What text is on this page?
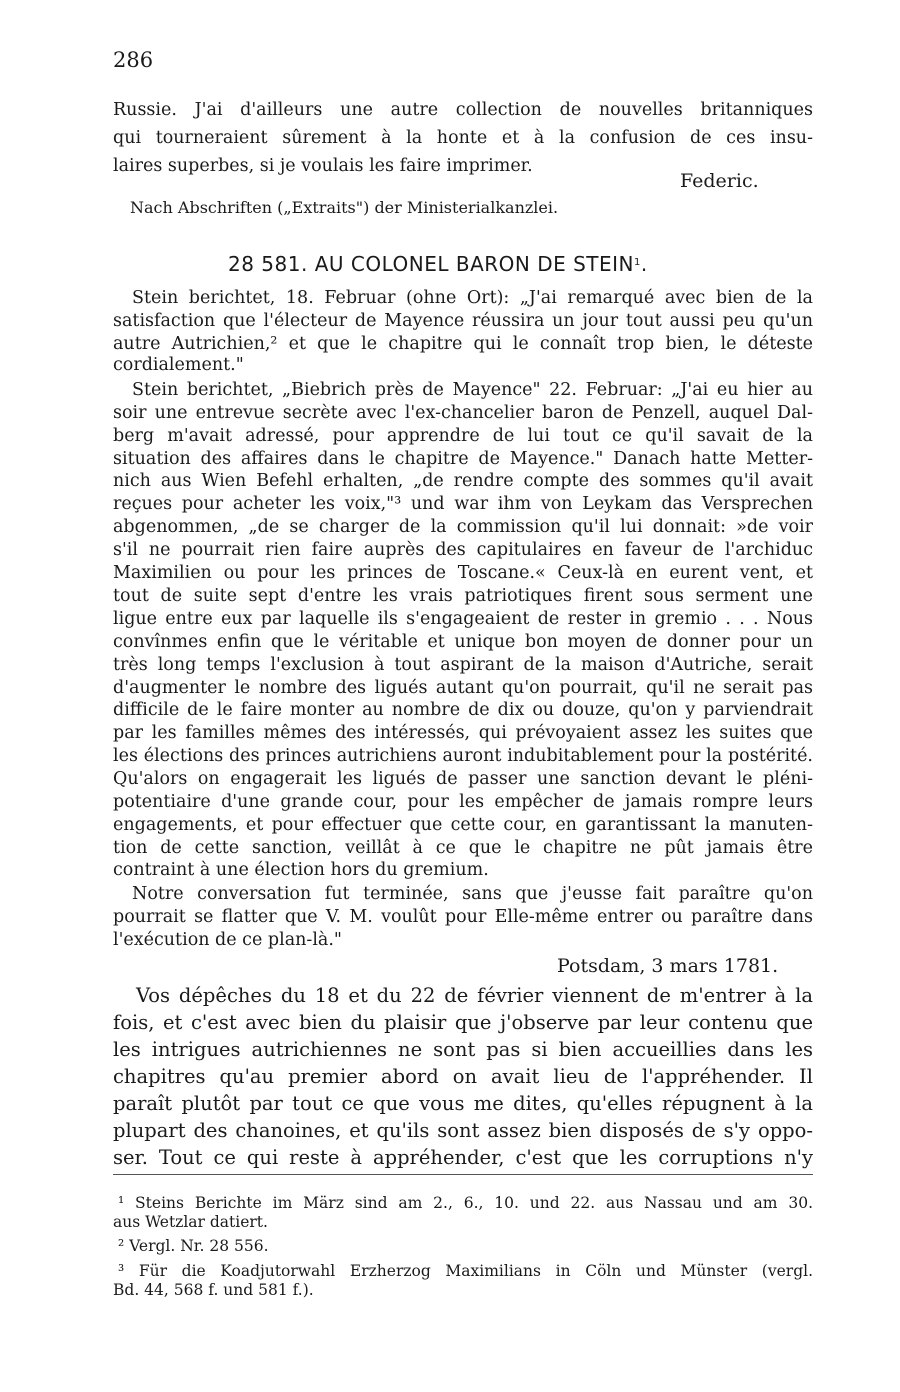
286
Russie. J'ai d'ailleurs une autre collection de nouvelles britanniques
qui tourneraient sûrement à la honte et à la confusion de ces insu-
laires superbes, si je voulais les faire imprimer.
Federic.
Nach Abschriften („Extraits") der Ministerialkanzlei.
28 581. AU COLONEL BARON DE STEIN$^1$.
Stein berichtet, 18. Februar (ohne Ort): „J'ai remarqué avec bien de la
satisfaction que l'électeur de Mayence réussira un jour tout aussi peu qu'un
autre Autrichien,² et que le chapitre qui le connaît trop bien, le déteste
cordialement."
Stein berichtet, „Biebrich près de Mayence" 22. Februar: „J'ai eu hier au
soir une entrevue secrète avec l'ex-chancelier baron de Penzell, auquel Dal-
berg m'avait adressé, pour apprendre de lui tout ce qu'il savait de la
situation des affaires dans le chapitre de Mayence." Danach hatte Metter-
nich aus Wien Befehl erhalten, „de rendre compte des sommes qu'il avait
reçues pour acheter les voix,"³ und war ihm von Leykam das Versprechen
abgenommen, „de se charger de la commission qu'il lui donnait: »de voir
s'il ne pourrait rien faire auprès des capitulaires en faveur de l'archiduc
Maximilien ou pour les princes de Toscane.« Ceux-là en eurent vent, et
tout de suite sept d'entre les vrais patriotiques firent sous serment une
ligue entre eux par laquelle ils s'engageaient de rester in gremio . . . Nous
convînmes enfin que le véritable et unique bon moyen de donner pour un
très long temps l'exclusion à tout aspirant de la maison d'Autriche, serait
d'augmenter le nombre des ligués autant qu'on pourrait, qu'il ne serait pas
difficile de le faire monter au nombre de dix ou douze, qu'on y parviendrait
par les familles mêmes des intéressés, qui prévoyaient assez les suites que
les élections des princes autrichiens auront indubitablement pour la postérité.
Qu'alors on engagerait les ligués de passer une sanction devant le pléni-
potentiaire d'une grande cour, pour les empêcher de jamais rompre leurs
engagements, et pour effectuer que cette cour, en garantissant la manuten-
tion de cette sanction, veillât à ce que le chapitre ne pût jamais être
contraint à une élection hors du gremium.
Notre conversation fut terminée, sans que j'eusse fait paraître qu'on
pourrait se flatter que V. M. voulût pour Elle-même entrer ou paraître dans
l'exécution de ce plan-là."
Potsdam, 3 mars 1781.
Vos dépêches du 18 et du 22 de février viennent de m'entrer à la
fois, et c'est avec bien du plaisir que j'observe par leur contenu que
les intrigues autrichiennes ne sont pas si bien accueillies dans les
chapitres qu'au premier abord on avait lieu de l'appréhender. Il
paraît plutôt par tout ce que vous me dites, qu'elles répugnent à la
plupart des chanoines, et qu'ils sont assez bien disposés de s'y oppo-
ser. Tout ce qui reste à appréhender, c'est que les corruptions n'y
¹ Steins Berichte im März sind am 2., 6., 10. und 22. aus Nassau und am 30.
aus Wetzlar datiert.
² Vergl. Nr. 28 556.
³ Für die Koadjutorwahl Erzherzog Maximilians in Cöln und Münster (vergl.
Bd. 44, 568 f. und 581 f.).
